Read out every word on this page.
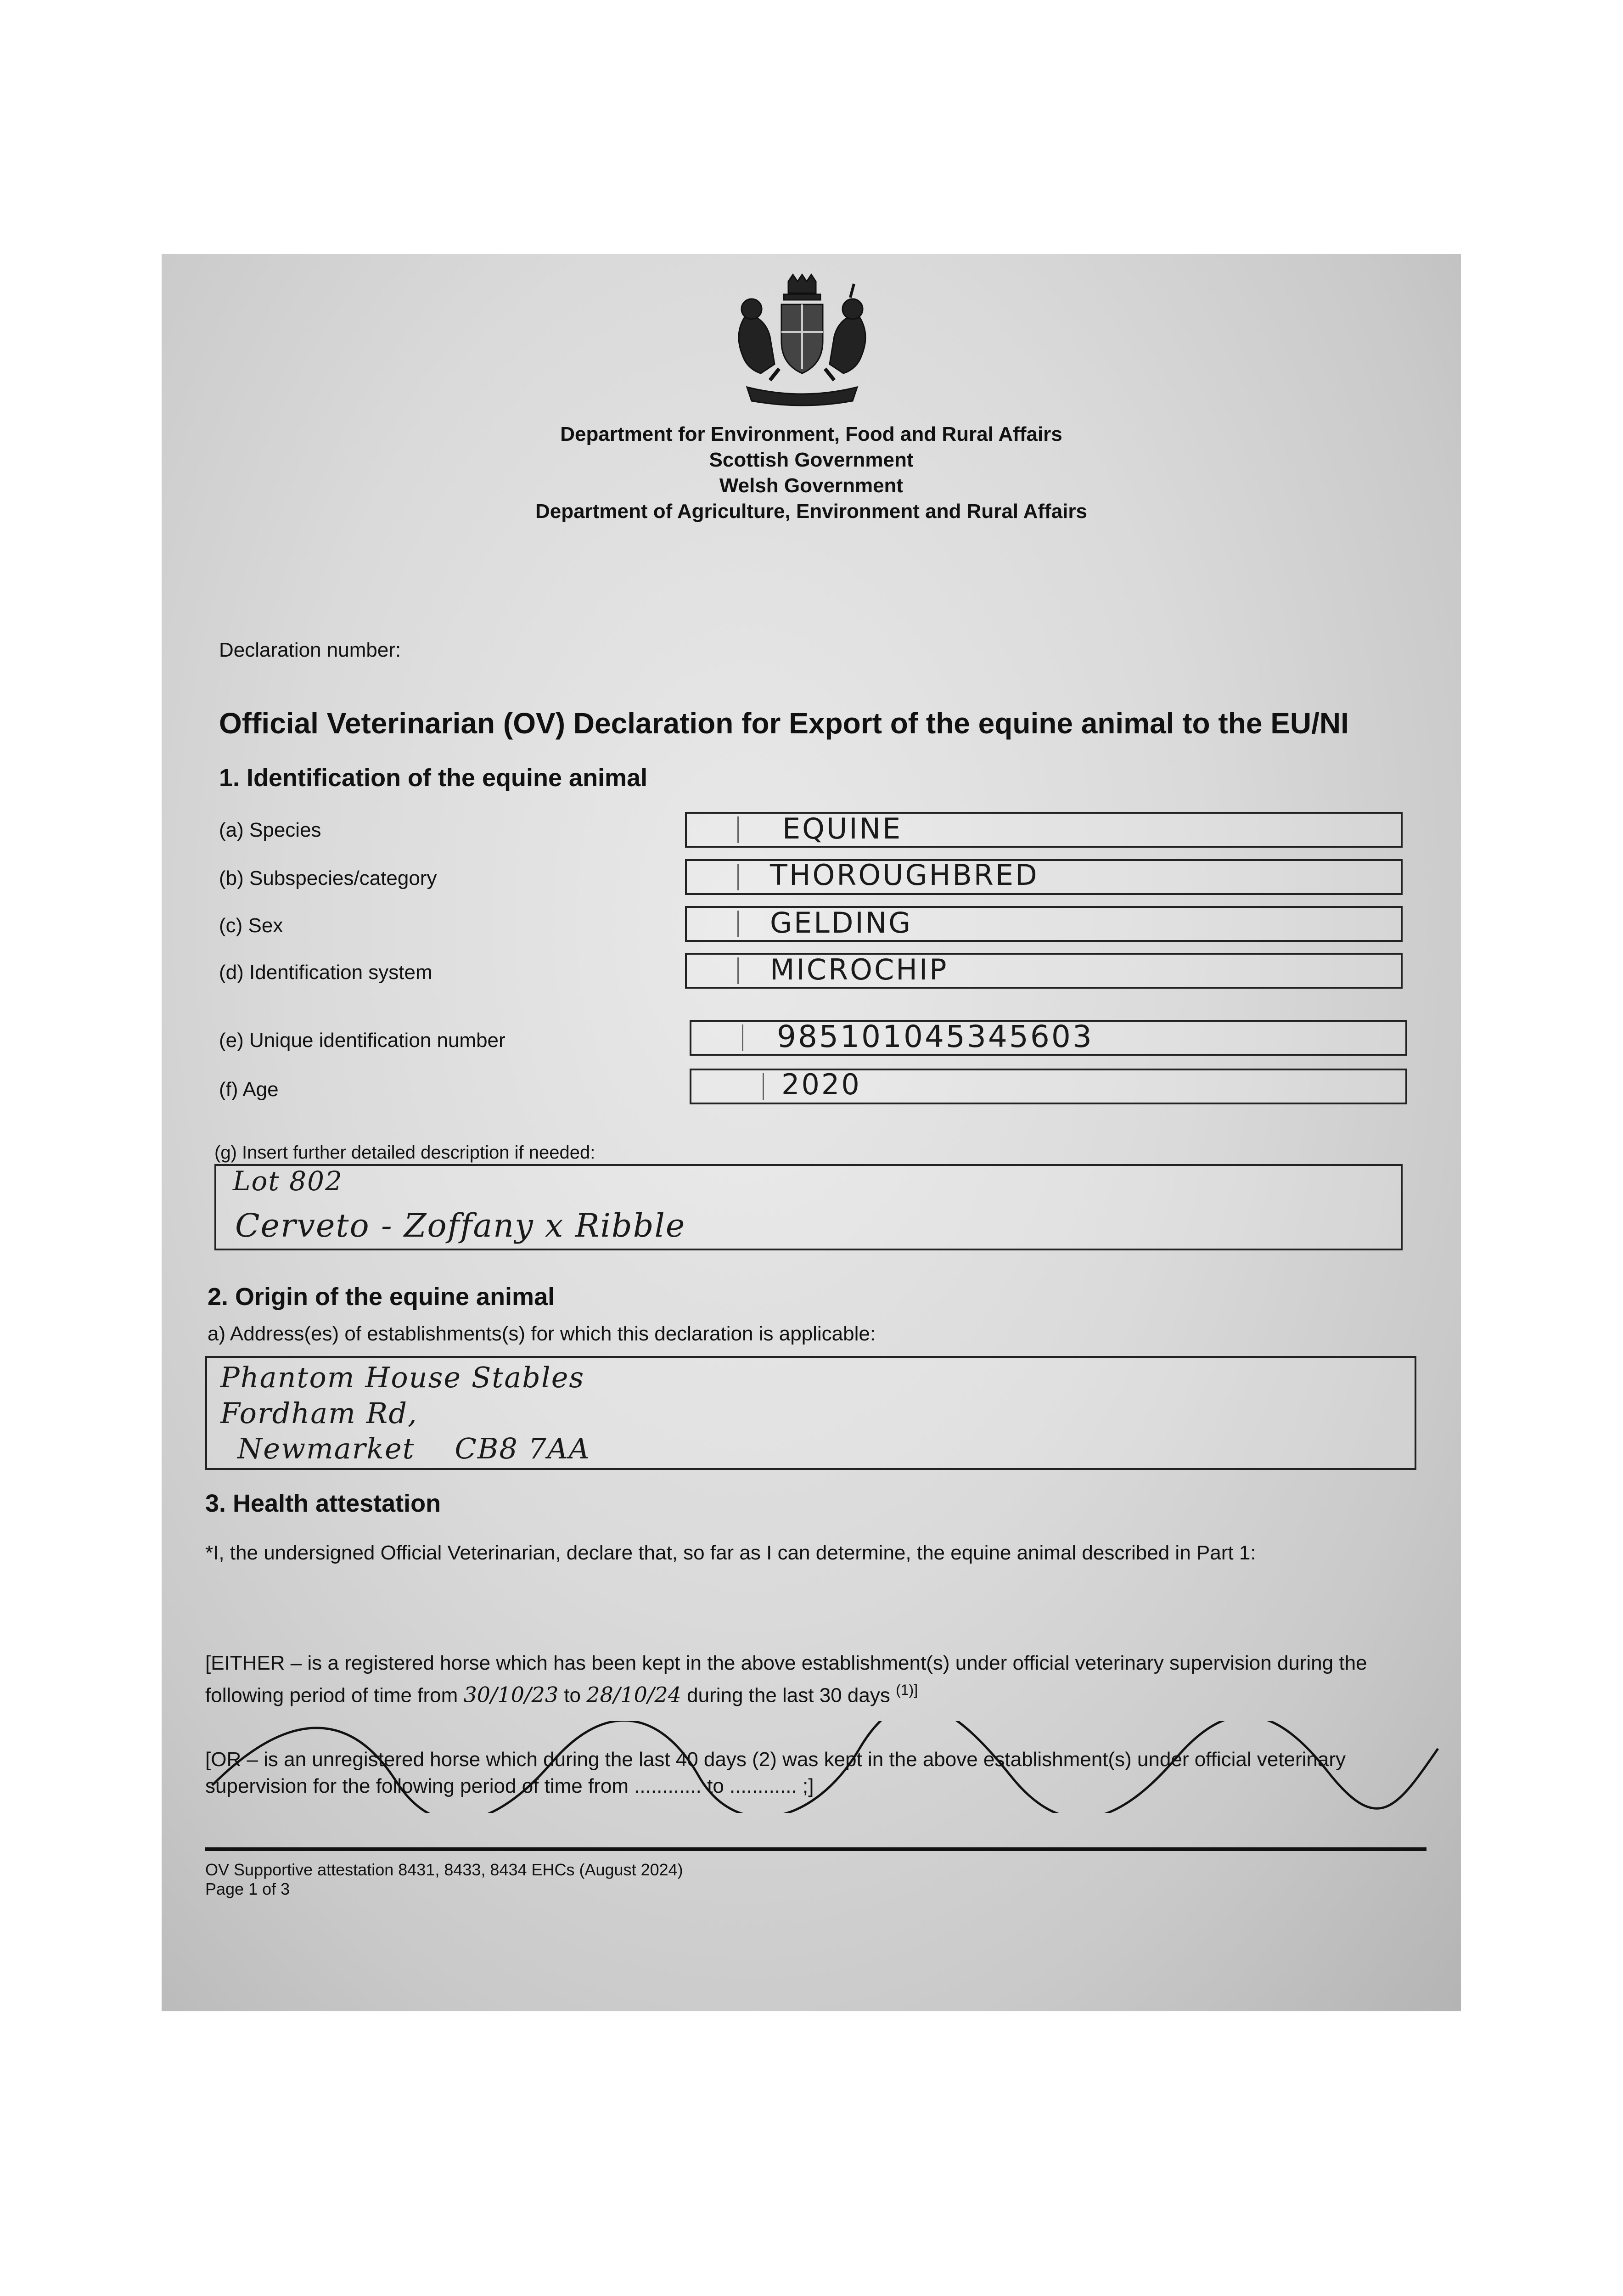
Department for Environment, Food and Rural Affairs
Scottish Government
Welsh Government
Department of Agriculture, Environment and Rural Affairs
Declaration number:
Official Veterinarian (OV) Declaration for Export of the equine animal to the EU/NI
1. Identification of the equine animal
(a) Species	EQUINE
(b) Subspecies/category	THOROUGHBRED
(c) Sex	GELDING
(d) Identification system	MICROCHIP
(e) Unique identification number	985101045345603
(f) Age	2020
(g) Insert further detailed description if needed:
Lot 802
Cerveto - Zoffany x Ribble
2. Origin of the equine animal
a) Address(es) of establishments(s) for which this declaration is applicable:
Phantom House Stables
Fordham Rd,
Newmarket    CB8 7AA
3. Health attestation
*I, the undersigned Official Veterinarian, declare that, so far as I can determine, the equine animal described in Part 1:
[EITHER – is a registered horse which has been kept in the above establishment(s) under official veterinary supervision during the following period of time from 30/10/23 to 28/10/24 during the last 30 days $^{(1)]}$
[OR – is an unregistered horse which during the last 40 days (2) was kept in the above establishment(s) under official veterinary supervision for the following period of time from ............ to ............ ;]
OV Supportive attestation 8431, 8433, 8434 EHCs (August 2024)
Page 1 of 3
